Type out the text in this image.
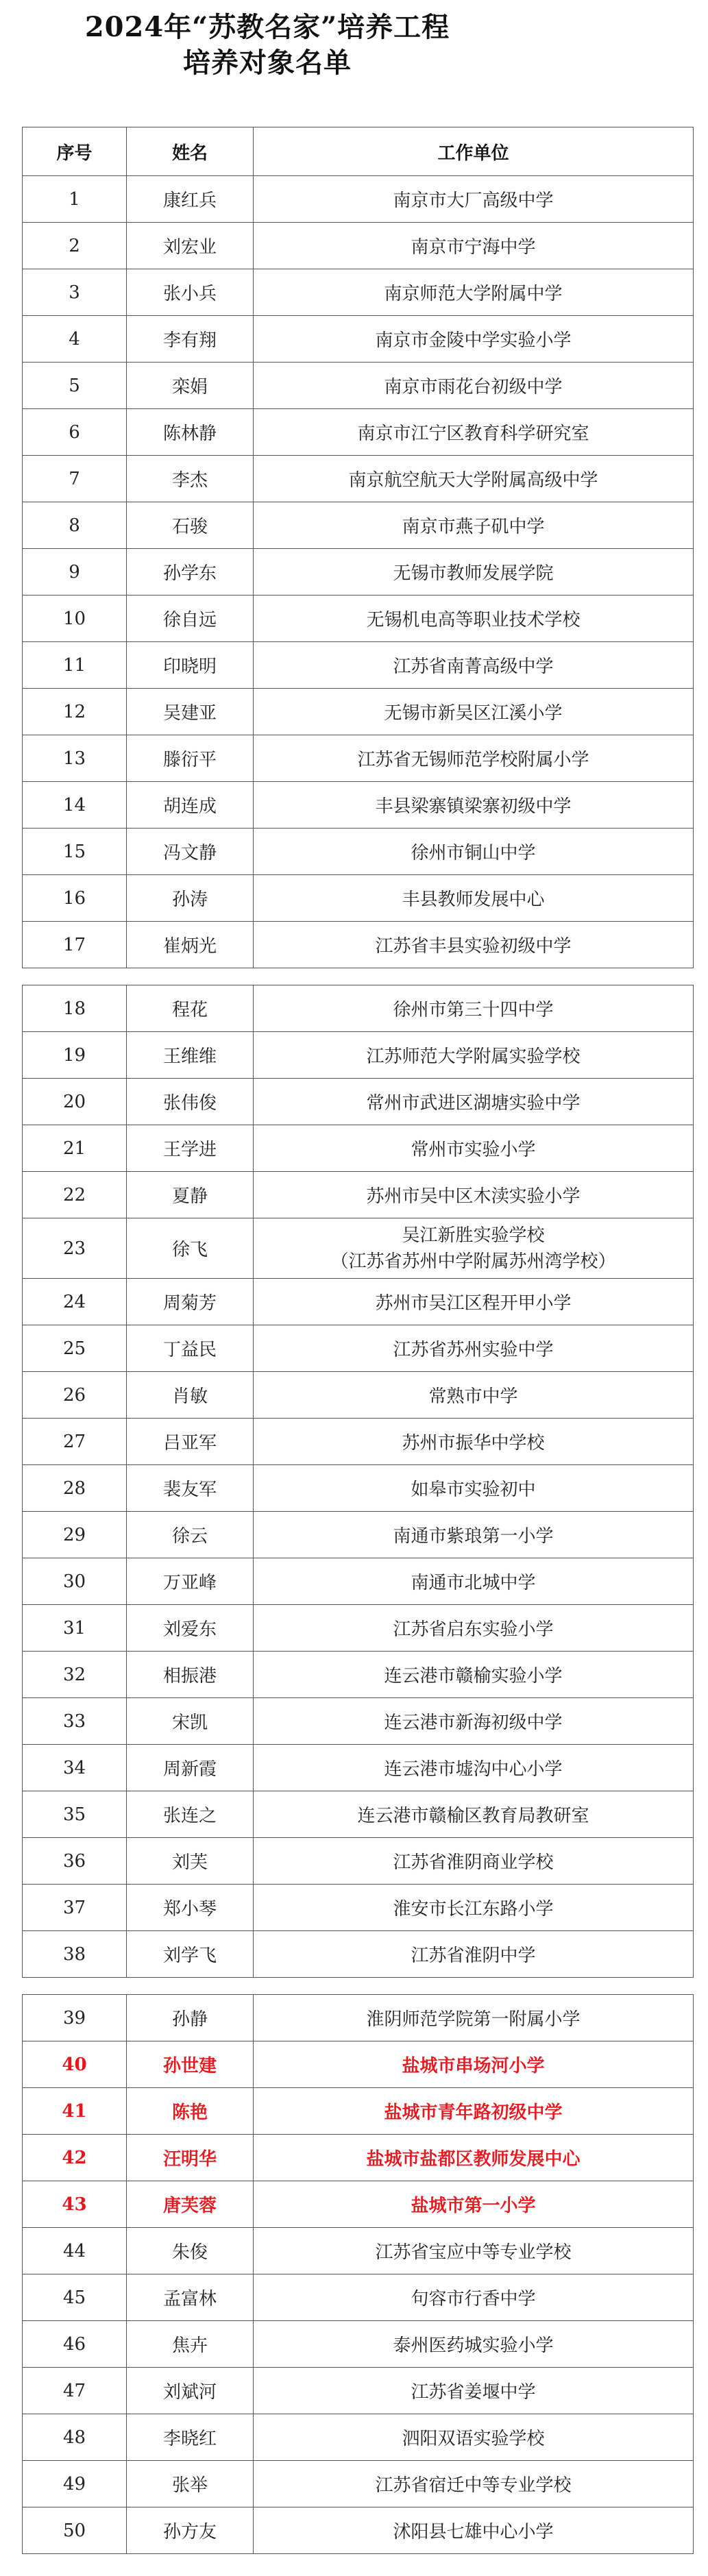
2024年“苏教名家”培养工程
培养对象名单
序号	姓名	工作单位
1	康红兵	南京市大厂高级中学
2	刘宏业	南京市宁海中学
3	张小兵	南京师范大学附属中学
4	李有翔	南京市金陵中学实验小学
5	栾娟	南京市雨花台初级中学
6	陈林静	南京市江宁区教育科学研究室
7	李杰	南京航空航天大学附属高级中学
8	石骏	南京市燕子矶中学
9	孙学东	无锡市教师发展学院
10	徐自远	无锡机电高等职业技术学校
11	印晓明	江苏省南菁高级中学
12	吴建亚	无锡市新吴区江溪小学
13	滕衍平	江苏省无锡师范学校附属小学
14	胡连成	丰县梁寨镇梁寨初级中学
15	冯文静	徐州市铜山中学
16	孙涛	丰县教师发展中心
17	崔炳光	江苏省丰县实验初级中学
18	程花	徐州市第三十四中学
19	王维维	江苏师范大学附属实验学校
20	张伟俊	常州市武进区湖塘实验中学
21	王学进	常州市实验小学
22	夏静	苏州市吴中区木渎实验小学
23	徐飞	吴江新胜实验学校
（江苏省苏州中学附属苏州湾学校）

24	周菊芳	苏州市吴江区程开甲小学
25	丁益民	江苏省苏州实验中学
26	肖敏	常熟市中学
27	吕亚军	苏州市振华中学校
28	裴友军	如皋市实验初中
29	徐云	南通市紫琅第一小学
30	万亚峰	南通市北城中学
31	刘爱东	江苏省启东实验小学
32	相振港	连云港市赣榆实验小学
33	宋凯	连云港市新海初级中学
34	周新霞	连云港市墟沟中心小学
35	张连之	连云港市赣榆区教育局教研室
36	刘芙	江苏省淮阴商业学校
37	郑小琴	淮安市长江东路小学
38	刘学飞	江苏省淮阴中学
39	孙静	淮阴师范学院第一附属小学
40	孙世建	盐城市串场河小学
41	陈艳	盐城市青年路初级中学
42	汪明华	盐城市盐都区教师发展中心
43	唐芙蓉	盐城市第一小学
44	朱俊	江苏省宝应中等专业学校
45	孟富林	句容市行香中学
46	焦卉	泰州医药城实验小学
47	刘斌河	江苏省姜堰中学
48	李晓红	泗阳双语实验学校
49	张举	江苏省宿迁中等专业学校
50	孙方友	沭阳县七雄中心小学
